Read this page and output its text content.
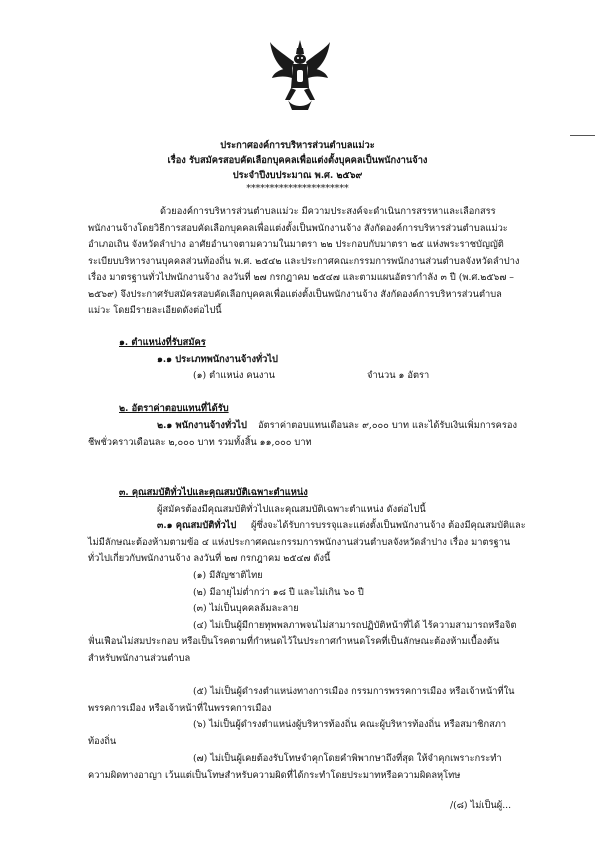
ประกาศองค์การบริหารส่วนตำบลแม่วะ
เรื่อง รับสมัครสอบคัดเลือกบุคคลเพื่อแต่งตั้งบุคคลเป็นพนักงานจ้าง
ประจำปีงบประมาณ พ.ศ. ๒๕๖๙
**********************
ด้วยองค์การบริหารส่วนตำบลแม่วะ มีความประสงค์จะดำเนินการสรรหาและเลือกสรร
พนักงานจ้างโดยวิธีการสอบคัดเลือกบุคคลเพื่อแต่งตั้งเป็นพนักงานจ้าง สังกัดองค์การบริหารส่วนตำบลแม่วะ
อำเภอเถิน จังหวัดลำปาง อาศัยอำนาจตามความในมาตรา ๒๒ ประกอบกับมาตรา ๒๕ แห่งพระราชบัญญัติ
ระเบียบบริหารงานบุคคลส่วนท้องถิ่น พ.ศ. ๒๕๔๒ และประกาศคณะกรรมการพนักงานส่วนตำบลจังหวัดลำปาง
เรื่อง มาตรฐานทั่วไปพนักงานจ้าง ลงวันที่ ๒๗ กรกฎาคม ๒๕๔๗ และตามแผนอัตรากำลัง ๓ ปี (พ.ศ.๒๕๖๗ –
๒๕๖๙) จึงประกาศรับสมัครสอบคัดเลือกบุคคลเพื่อแต่งตั้งเป็นพนักงานจ้าง สังกัดองค์การบริหารส่วนตำบล
แม่วะ โดยมีรายละเอียดดังต่อไปนี้
๑. ตำแหน่งที่รับสมัคร
๑.๑ ประเภทพนักงานจ้างทั่วไป
(๑) ตำแหน่ง คนงาน	จำนวน ๑ อัตรา
๒. อัตราค่าตอบแทนที่ได้รับ
๒.๑ พนักงานจ้างทั่วไป อัตราค่าตอบแทนเดือนละ ๙,๐๐๐ บาท และได้รับเงินเพิ่มการครอง
ชีพชั่วคราวเดือนละ ๒,๐๐๐ บาท รวมทั้งสิ้น ๑๑,๐๐๐ บาท
๓. คุณสมบัติทั่วไปและคุณสมบัติเฉพาะตำแหน่ง
ผู้สมัครต้องมีคุณสมบัติทั่วไปและคุณสมบัติเฉพาะตำแหน่ง ดังต่อไปนี้
๓.๑ คุณสมบัติทั่วไป ผู้ซึ่งจะได้รับการบรรจุและแต่งตั้งเป็นพนักงานจ้าง ต้องมีคุณสมบัติและ
ไม่มีลักษณะต้องห้ามตามข้อ ๔ แห่งประกาศคณะกรรมการพนักงานส่วนตำบลจังหวัดลำปาง เรื่อง มาตรฐาน
ทั่วไปเกี่ยวกับพนักงานจ้าง ลงวันที่ ๒๗ กรกฎาคม ๒๕๔๗ ดังนี้
(๑) มีสัญชาติไทย
(๒) มีอายุไม่ต่ำกว่า ๑๘ ปี และไม่เกิน ๖๐ ปี
(๓) ไม่เป็นบุคคลล้มละลาย
(๔) ไม่เป็นผู้มีกายทุพพลภาพจนไม่สามารถปฏิบัติหน้าที่ได้ ไร้ความสามารถหรือจิต
ฟั่นเฟือนไม่สมประกอบ หรือเป็นโรคตามที่กำหนดไว้ในประกาศกำหนดโรคที่เป็นลักษณะต้องห้ามเบื้องต้น
สำหรับพนักงานส่วนตำบล
(๕) ไม่เป็นผู้ดำรงตำแหน่งทางการเมือง กรรมการพรรคการเมือง หรือเจ้าหน้าที่ใน
พรรคการเมือง หรือเจ้าหน้าที่ในพรรคการเมือง
(๖) ไม่เป็นผู้ดำรงตำแหน่งผู้บริหารท้องถิ่น คณะผู้บริหารท้องถิ่น หรือสมาชิกสภา
ท้องถิ่น
(๗) ไม่เป็นผู้เคยต้องรับโทษจำคุกโดยคำพิพากษาถึงที่สุด ให้จำคุกเพราะกระทำ
ความผิดทางอาญา เว้นแต่เป็นโทษสำหรับความผิดที่ได้กระทำโดยประมาทหรือความผิดลหุโทษ
/(๘) ไม่เป็นผู้...
